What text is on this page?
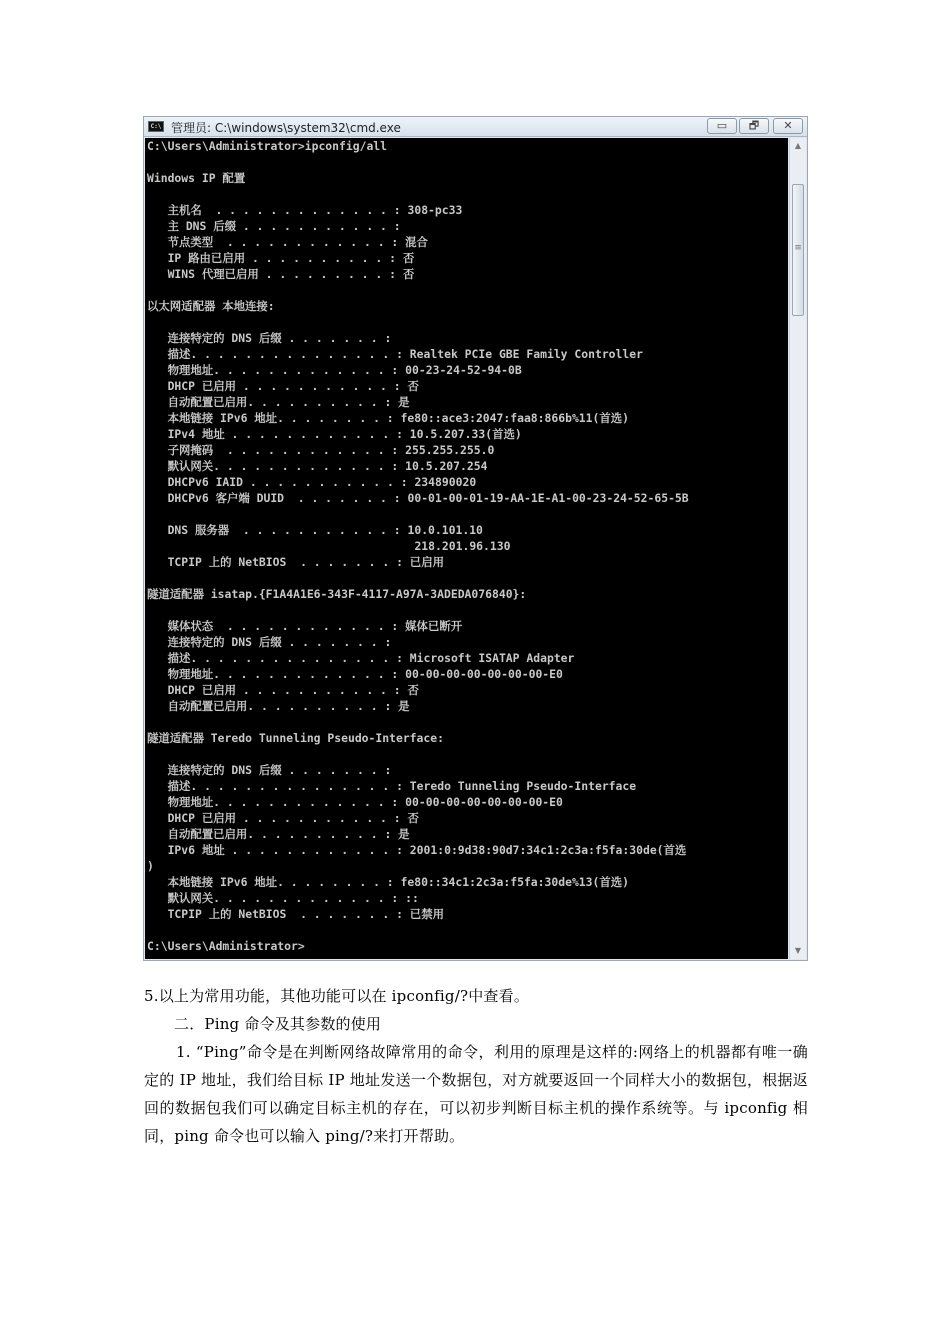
C:\ 管理员: C:\windows\system32\cmd.exe	▭	🗗	✕
C:\Users\Administrator>ipconfig/all
Windows IP 配置
主机名  . . . . . . . . . . . . . : 308-pc33
主 DNS 后缀 . . . . . . . . . . . :
节点类型  . . . . . . . . . . . . : 混合
IP 路由已启用 . . . . . . . . . . : 否
WINS 代理已启用 . . . . . . . . . : 否
以太网适配器 本地连接:
连接特定的 DNS 后缀 . . . . . . . :
描述. . . . . . . . . . . . . . . : Realtek PCIe GBE Family Controller
物理地址. . . . . . . . . . . . . : 00-23-24-52-94-0B
DHCP 已启用 . . . . . . . . . . . : 否
自动配置已启用. . . . . . . . . . : 是
本地链接 IPv6 地址. . . . . . . . : fe80::ace3:2047:faa8:866b%11(首选)
IPv4 地址 . . . . . . . . . . . . : 10.5.207.33(首选)
子网掩码  . . . . . . . . . . . . : 255.255.255.0
默认网关. . . . . . . . . . . . . : 10.5.207.254
DHCPv6 IAID . . . . . . . . . . . : 234890020
DHCPv6 客户端 DUID  . . . . . . . : 00-01-00-01-19-AA-1E-A1-00-23-24-52-65-5B
DNS 服务器  . . . . . . . . . . . : 10.0.101.10
218.201.96.130
TCPIP 上的 NetBIOS  . . . . . . . : 已启用
隧道适配器 isatap.{F1A4A1E6-343F-4117-A97A-3ADEDA076840}:
媒体状态  . . . . . . . . . . . . : 媒体已断开
连接特定的 DNS 后缀 . . . . . . . :
描述. . . . . . . . . . . . . . . : Microsoft ISATAP Adapter
物理地址. . . . . . . . . . . . . : 00-00-00-00-00-00-00-E0
DHCP 已启用 . . . . . . . . . . . : 否
自动配置已启用. . . . . . . . . . : 是
隧道适配器 Teredo Tunneling Pseudo-Interface:
连接特定的 DNS 后缀 . . . . . . . :
描述. . . . . . . . . . . . . . . : Teredo Tunneling Pseudo-Interface
物理地址. . . . . . . . . . . . . : 00-00-00-00-00-00-00-E0
DHCP 已启用 . . . . . . . . . . . : 否
自动配置已启用. . . . . . . . . . : 是
IPv6 地址 . . . . . . . . . . . . : 2001:0:9d38:90d7:34c1:2c3a:f5fa:30de(首选
)
本地链接 IPv6 地址. . . . . . . . : fe80::34c1:2c3a:f5fa:30de%13(首选)
默认网关. . . . . . . . . . . . . : ::
TCPIP 上的 NetBIOS  . . . . . . . : 已禁用
C:\Users\Administrator>
▲
≡
▼

5.以上为常用功能，其他功能可以在 ipconfig/?中查看。

二．Ping 命令及其参数的使用

1. “Ping”命令是在判断网络故障常用的命令，利用的原理是这样的:网络上的机器都有唯一确定的 IP 地址，我们给目标 IP 地址发送一个数据包，对方就要返回一个同样大小的数据包，根据返回的数据包我们可以确定目标主机的存在，可以初步判断目标主机的操作系统等。与 ipconfig 相同，ping 命令也可以输入 ping/?来打开帮助。
